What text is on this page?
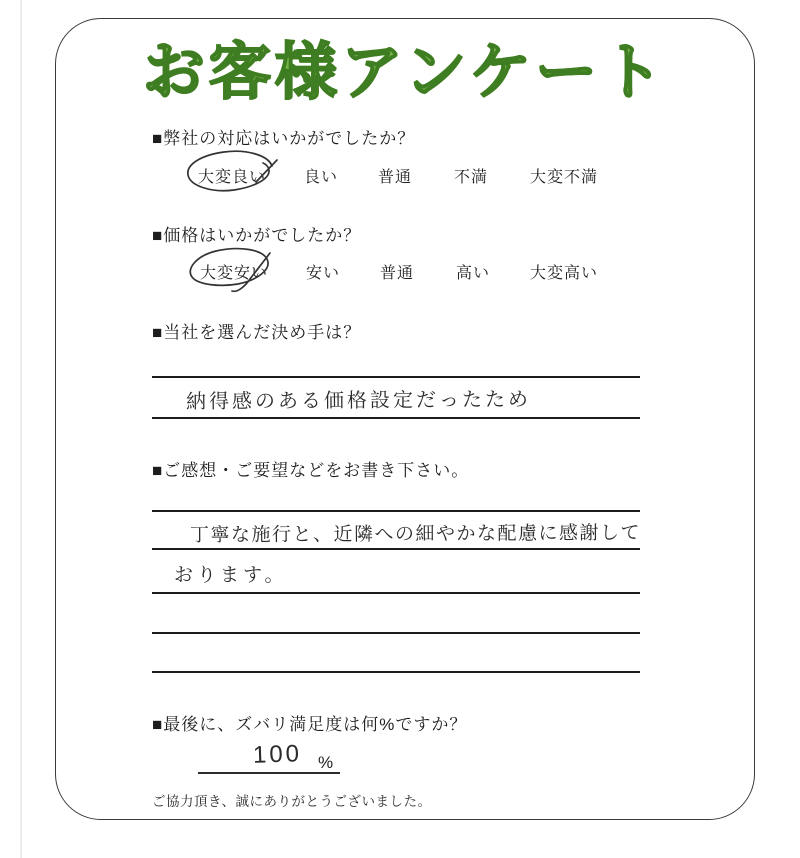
お客様アンケート
■弊社の対応はいかがでしたか？
大変良い 良い 普通	不満	大変不満
■価格はいかがでしたか？
大変安い 安い 普通	高い 大変高い
■当社を選んだ決め手は？
納得感のある価格設定だったため
■ご感想・ご要望などをお書き下さい。
丁寧な施行と、近隣への細やかな配慮に感謝して
おります。
■最後に、ズバリ満足度は何%ですか？
100 %
ご協力頂き、誠にありがとうございました。
